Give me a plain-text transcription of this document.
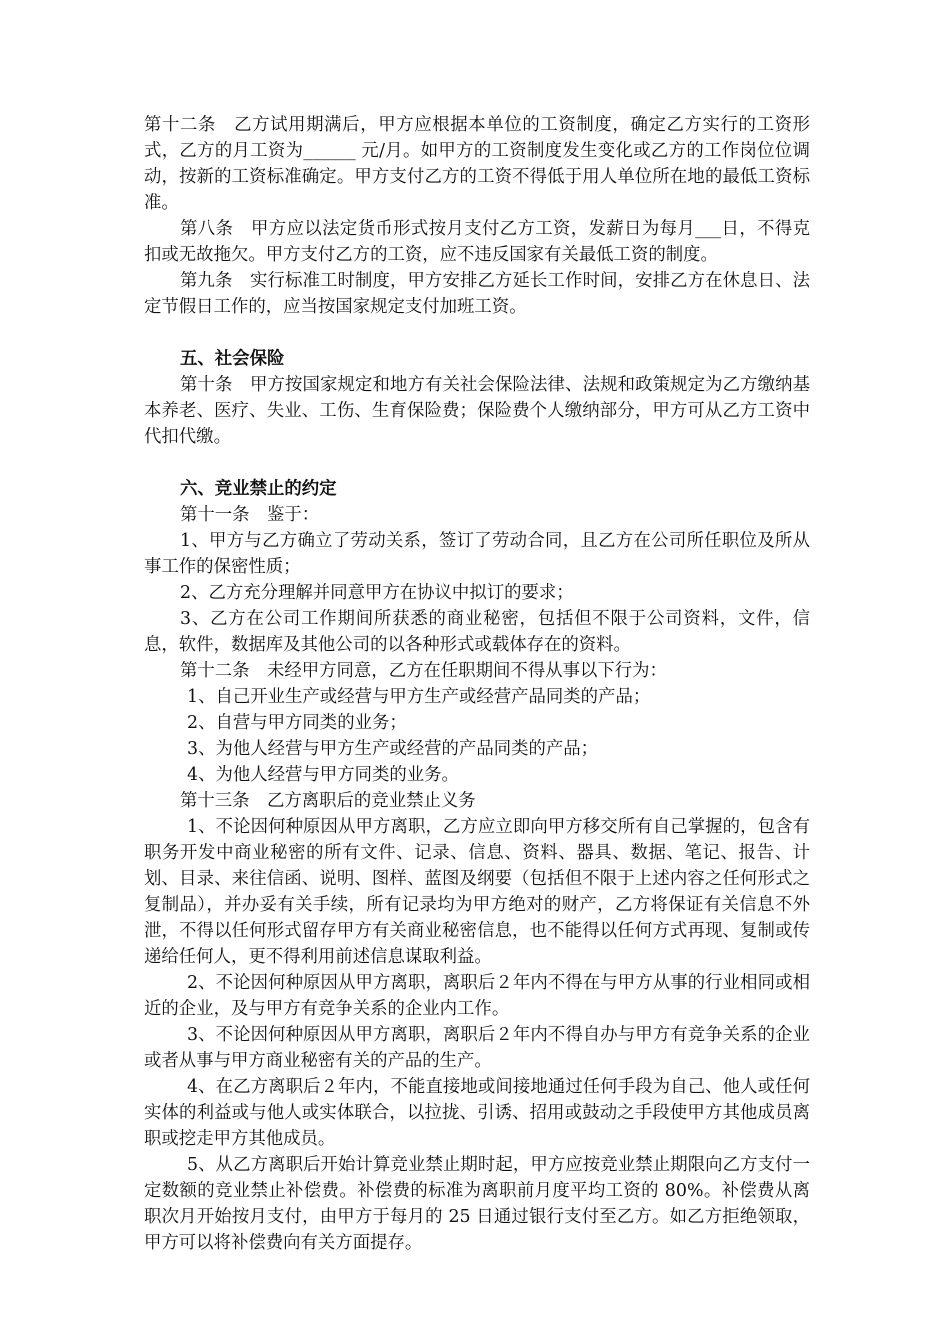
第十二条　乙方试用期满后，甲方应根据本单位的工资制度，确定乙方实行的工资形式，乙方的月工资为______ 元/月。如甲方的工资制度发生变化或乙方的工作岗位位调动，按新的工资标准确定。甲方支付乙方的工资不得低于用人单位所在地的最低工资标准。

第八条　甲方应以法定货币形式按月支付乙方工资，发薪日为每月___日，不得克扣或无故拖欠。甲方支付乙方的工资，应不违反国家有关最低工资的制度。

第九条　实行标准工时制度，甲方安排乙方延长工作时间，安排乙方在休息日、法定节假日工作的，应当按国家规定支付加班工资。

五、社会保险

第十条　甲方按国家规定和地方有关社会保险法律、法规和政策规定为乙方缴纳基本养老、医疗、失业、工伤、生育保险费；保险费个人缴纳部分，甲方可从乙方工资中代扣代缴。

六、竞业禁止的约定

第十一条　鉴于：

1、甲方与乙方确立了劳动关系，签订了劳动合同，且乙方在公司所任职位及所从事工作的保密性质；

2、乙方充分理解并同意甲方在协议中拟订的要求；

3、乙方在公司工作期间所获悉的商业秘密，包括但不限于公司资料，文件，信息，软件，数据库及其他公司的以各种形式或载体存在的资料。

第十二条　未经甲方同意，乙方在任职期间不得从事以下行为：

1、自己开业生产或经营与甲方生产或经营产品同类的产品；

2、自营与甲方同类的业务；

3、为他人经营与甲方生产或经营的产品同类的产品；

4、为他人经营与甲方同类的业务。

第十三条　乙方离职后的竞业禁止义务

1、不论因何种原因从甲方离职，乙方应立即向甲方移交所有自己掌握的，包含有职务开发中商业秘密的所有文件、记录、信息、资料、器具、数据、笔记、报告、计划、目录、来往信函、说明、图样、蓝图及纲要（包括但不限于上述内容之任何形式之复制品），并办妥有关手续，所有记录均为甲方绝对的财产，乙方将保证有关信息不外泄，不得以任何形式留存甲方有关商业秘密信息，也不能得以任何方式再现、复制或传递给任何人，更不得利用前述信息谋取利益。

2、不论因何种原因从甲方离职，离职后２年内不得在与甲方从事的行业相同或相近的企业，及与甲方有竞争关系的企业内工作。

3、不论因何种原因从甲方离职，离职后２年内不得自办与甲方有竞争关系的企业或者从事与甲方商业秘密有关的产品的生产。

4、在乙方离职后２年内，不能直接地或间接地通过任何手段为自己、他人或任何实体的利益或与他人或实体联合，以拉拢、引诱、招用或鼓动之手段使甲方其他成员离职或挖走甲方其他成员。

5、从乙方离职后开始计算竞业禁止期时起，甲方应按竞业禁止期限向乙方支付一定数额的竞业禁止补偿费。补偿费的标准为离职前月度平均工资的 80%。补偿费从离职次月开始按月支付，由甲方于每月的 25 日通过银行支付至乙方。如乙方拒绝领取，甲方可以将补偿费向有关方面提存。
